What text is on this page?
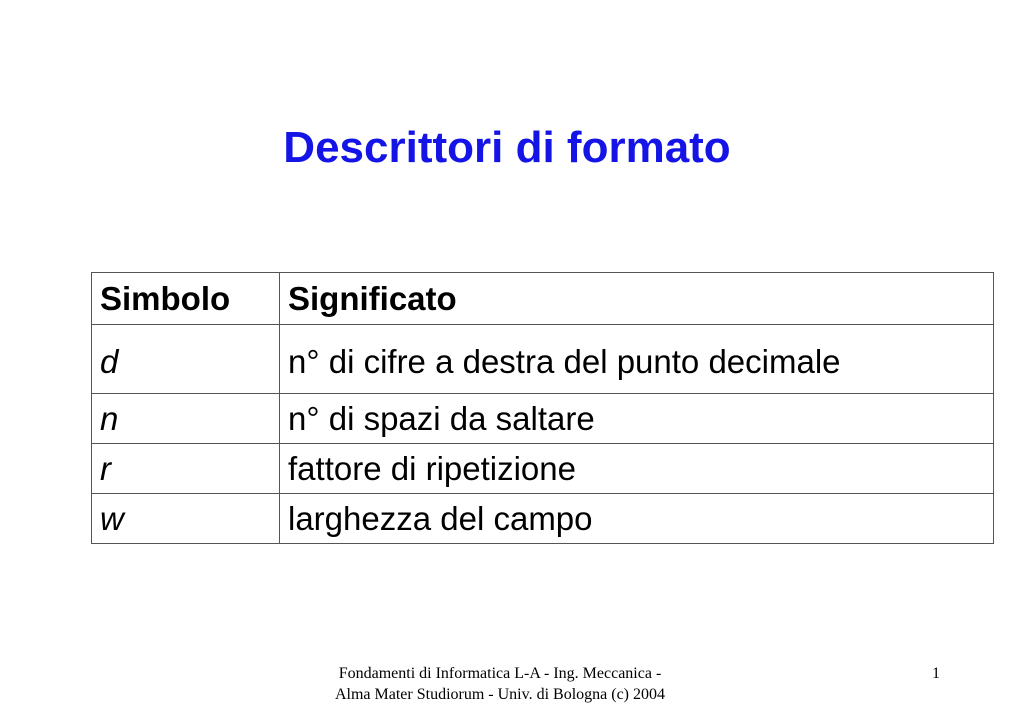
Descrittori di formato
Simbolo	Significato
d	n° di cifre a destra del punto decimale
n	n° di spazi da saltare
r	fattore di ripetizione
w	larghezza del campo
Fondamenti di Informatica L-A - Ing. Meccanica -
Alma Mater Studiorum - Univ. di Bologna (c) 2004
1
